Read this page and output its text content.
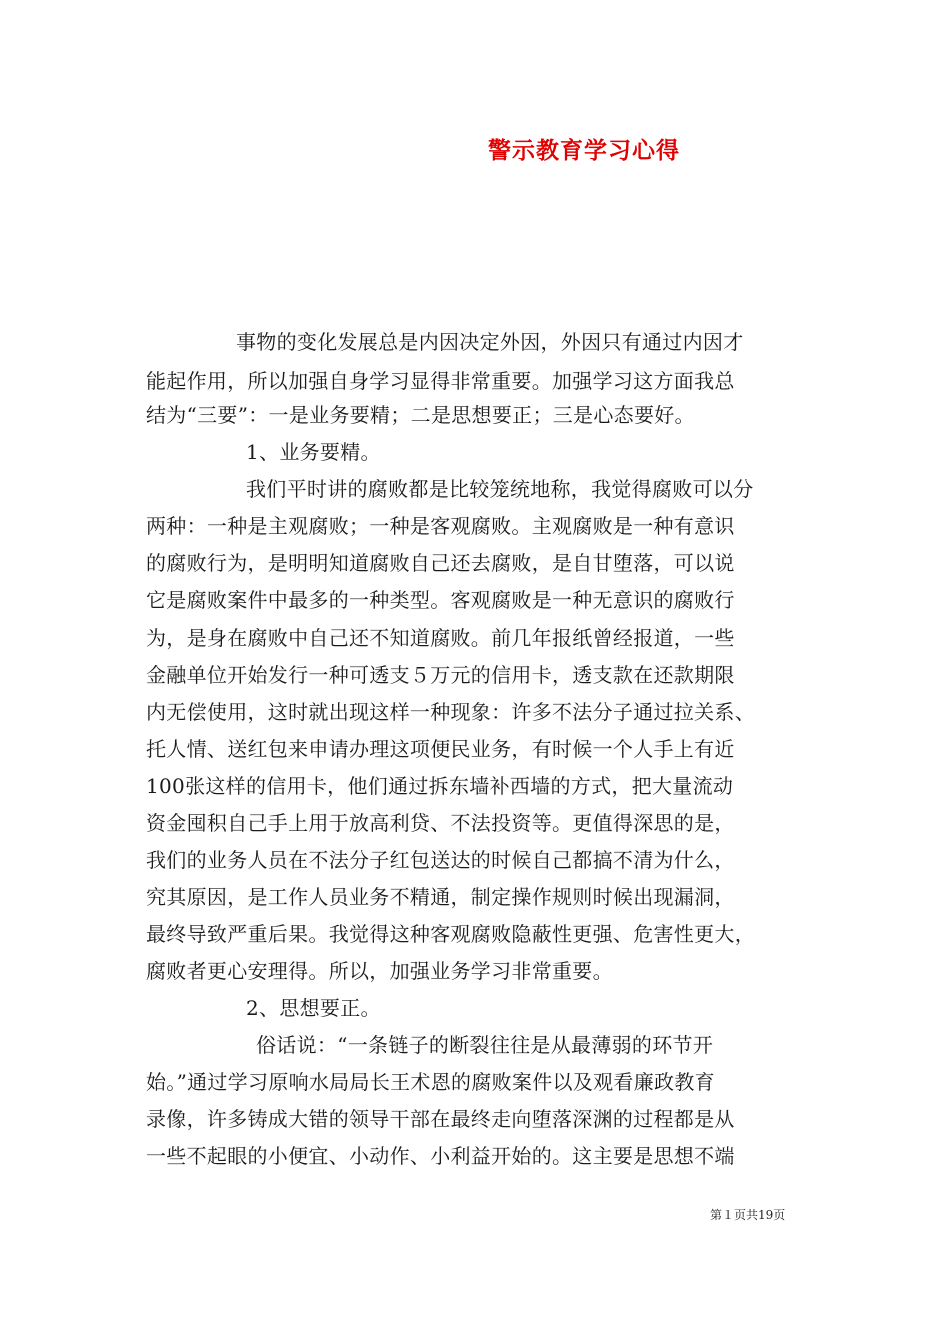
警示教育学习心得
事物的变化发展总是内因决定外因，外因只有通过内因才
能起作用，所以加强自身学习显得非常重要。加强学习这方面我总
结为“三要”：一是业务要精；二是思想要正；三是心态要好。
1、业务要精。
我们平时讲的腐败都是比较笼统地称，我觉得腐败可以分
两种：一种是主观腐败；一种是客观腐败。主观腐败是一种有意识
的腐败行为，是明明知道腐败自己还去腐败，是自甘堕落，可以说
它是腐败案件中最多的一种类型。客观腐败是一种无意识的腐败行
为，是身在腐败中自己还不知道腐败。前几年报纸曾经报道，一些
金融单位开始发行一种可透支５万元的信用卡，透支款在还款期限
内无偿使用，这时就出现这样一种现象：许多不法分子通过拉关系、
托人情、送红包来申请办理这项便民业务，有时候一个人手上有近
100张这样的信用卡，他们通过拆东墙补西墙的方式，把大量流动
资金囤积自己手上用于放高利贷、不法投资等。更值得深思的是，
我们的业务人员在不法分子红包送达的时候自己都搞不清为什么，
究其原因，是工作人员业务不精通，制定操作规则时候出现漏洞，
最终导致严重后果。我觉得这种客观腐败隐蔽性更强、危害性更大，
腐败者更心安理得。所以，加强业务学习非常重要。
2、思想要正。
俗话说：“一条链子的断裂往往是从最薄弱的环节开
始。”通过学习原响水局局长王术恩的腐败案件以及观看廉政教育
录像，许多铸成大错的领导干部在最终走向堕落深渊的过程都是从
一些不起眼的小便宜、小动作、小利益开始的。这主要是思想不端
第１页共19页
